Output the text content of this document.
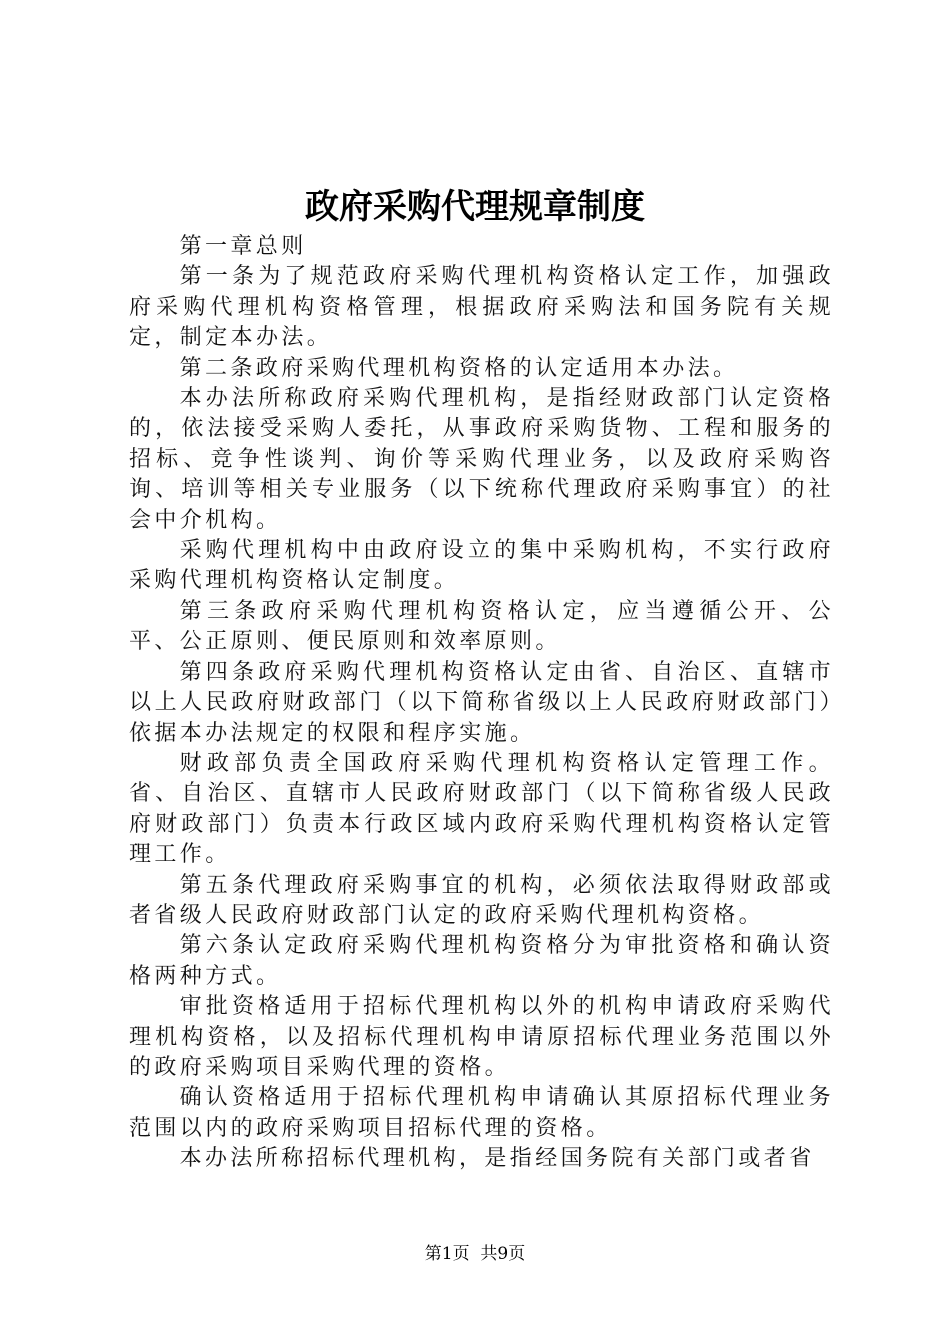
政府采购代理规章制度

第一章总则

第一条为了规范政府采购代理机构资格认定工作，加强政府采购代理机构资格管理，根据政府采购法和国务院有关规定，制定本办法。

第二条政府采购代理机构资格的认定适用本办法。

本办法所称政府采购代理机构，是指经财政部门认定资格的，依法接受采购人委托，从事政府采购货物、工程和服务的招标、竞争性谈判、询价等采购代理业务，以及政府采购咨询、培训等相关专业服务（以下统称代理政府采购事宜）的社会中介机构。

采购代理机构中由政府设立的集中采购机构，不实行政府采购代理机构资格认定制度。

第三条政府采购代理机构资格认定，应当遵循公开、公平、公正原则、便民原则和效率原则。

第四条政府采购代理机构资格认定由省、自治区、直辖市以上人民政府财政部门（以下简称省级以上人民政府财政部门）依据本办法规定的权限和程序实施。

财政部负责全国政府采购代理机构资格认定管理工作。省、自治区、直辖市人民政府财政部门（以下简称省级人民政府财政部门）负责本行政区域内政府采购代理机构资格认定管理工作。

第五条代理政府采购事宜的机构，必须依法取得财政部或者省级人民政府财政部门认定的政府采购代理机构资格。

第六条认定政府采购代理机构资格分为审批资格和确认资格两种方式。

审批资格适用于招标代理机构以外的机构申请政府采购代理机构资格，以及招标代理机构申请原招标代理业务范围以外的政府采购项目采购代理的资格。

确认资格适用于招标代理机构申请确认其原招标代理业务范围以内的政府采购项目招标代理的资格。

本办法所称招标代理机构，是指经国务院有关部门或者省

第1页  共9页
